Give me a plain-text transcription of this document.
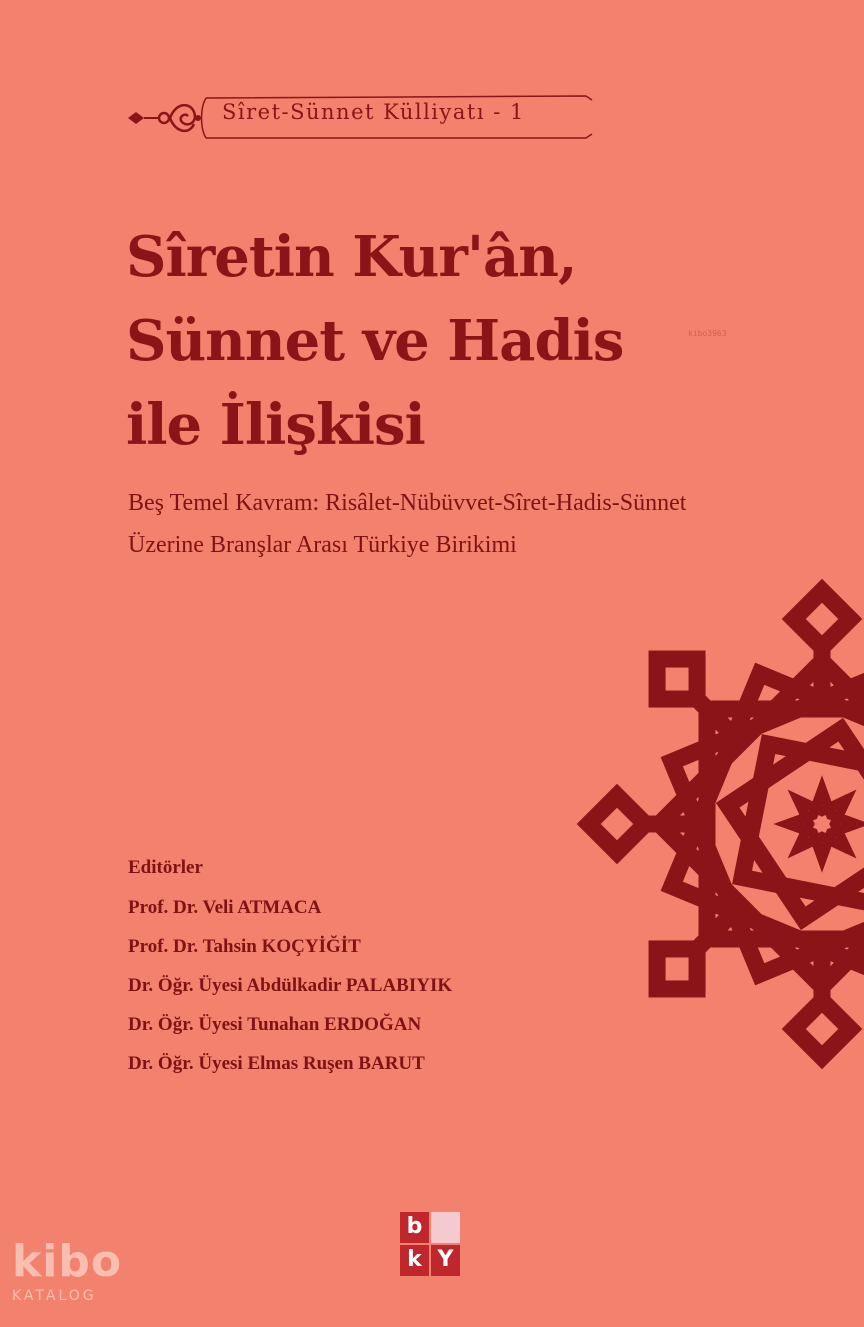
Sîret-Sünnet Külliyatı - 1
Sîretin Kur'ân,
Sünnet ve Hadis
ile İlişkisi
kibo3963
Beş Temel Kavram: Risâlet-Nübüvvet-Sîret-Hadis-Sünnet
Üzerine Branşlar Arası Türkiye Birikimi
Editörler
Prof. Dr. Veli ATMACA
Prof. Dr. Tahsin KOÇYİĞİT
Dr. Öğr. Üyesi Abdülkadir PALABIYIK
Dr. Öğr. Üyesi Tunahan ERDOĞAN
Dr. Öğr. Üyesi Elmas Ruşen BARUT
b
k Y
kibo
KATALOG
